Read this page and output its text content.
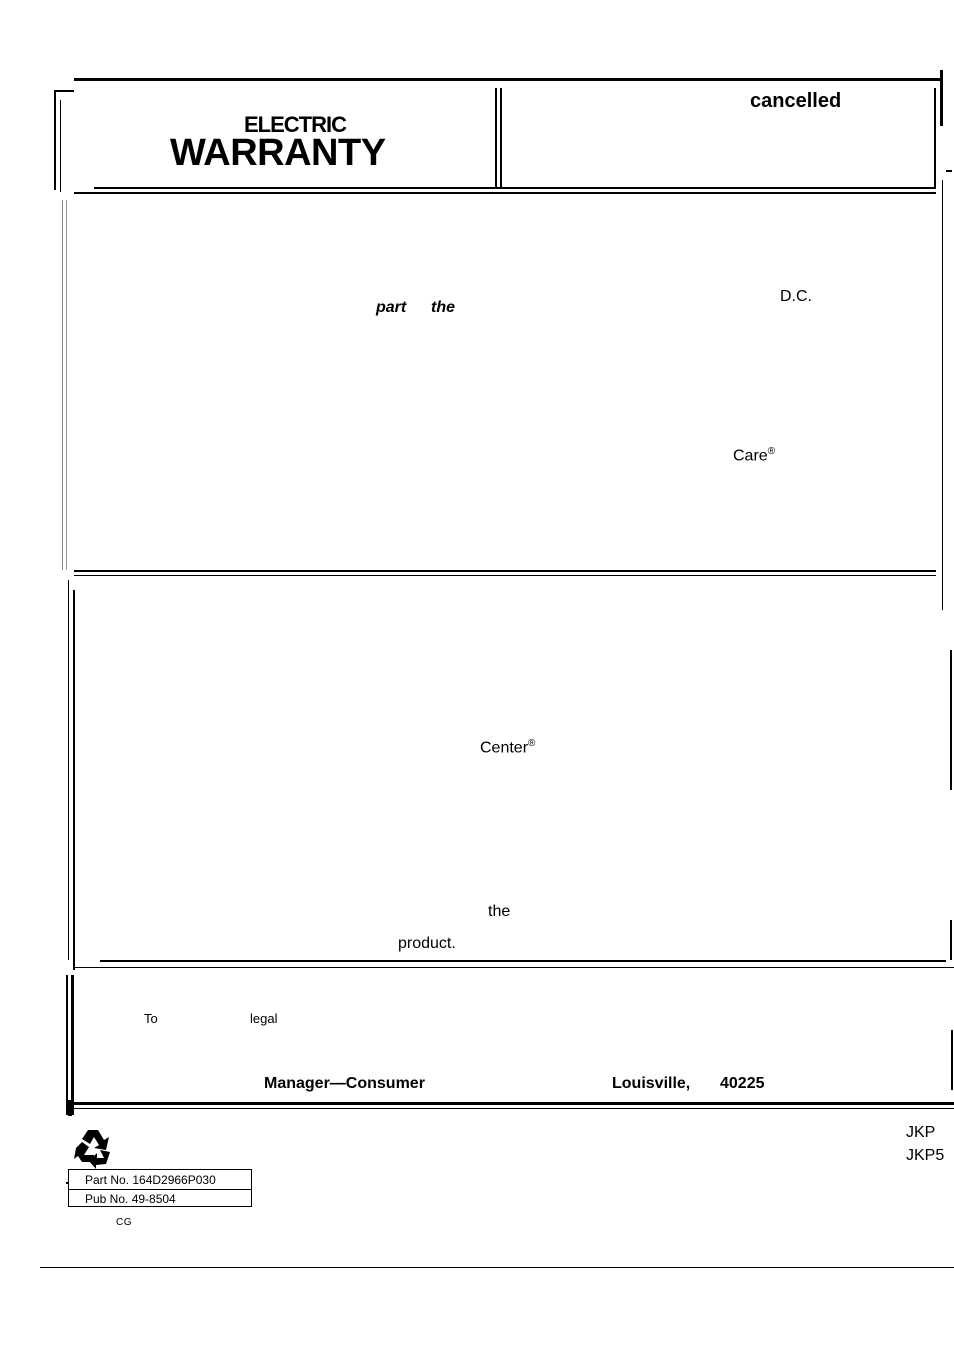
ELECTRIC
WARRANTY
cancelled
part the
D.C.
Care®
Center®
the
product.
To	legal
Manager—Consumer	Louisville, 40225
Part No. 164D2966P030
Pub No. 49-8504
CG
JKP
JKP5
